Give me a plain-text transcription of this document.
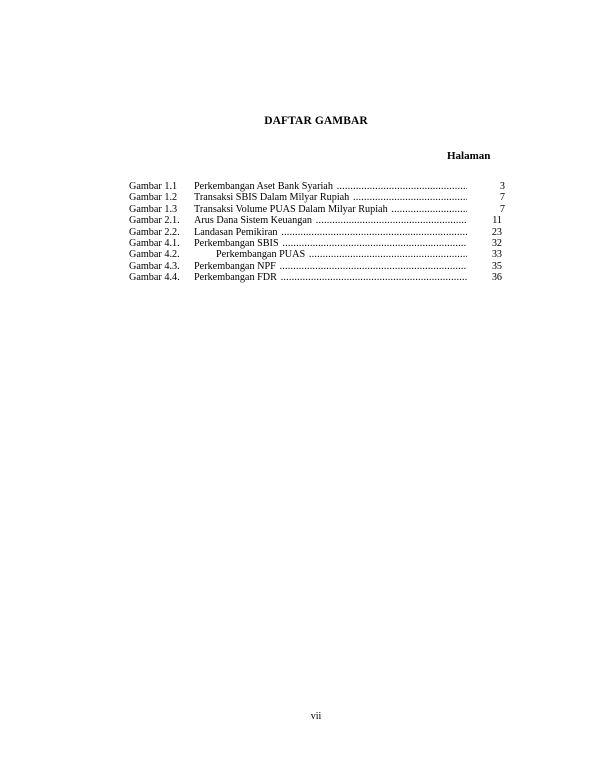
DAFTAR GAMBAR
Halaman
Gambar 1.1 Perkembangan Aset Bank Syariah .....	3
Gambar 1.2 Transaksi SBIS Dalam Milyar Rupiah .....	7
Gambar 1.3 Transaksi Volume PUAS Dalam Milyar Rupiah .....	7
Gambar 2.1. Arus Dana Sistem Keuangan .....	11
Gambar 2.2. Landasan Pemikiran .....	23
Gambar 4.1. Perkembangan SBIS .....	32
Gambar 4.2.	Perkembangan PUAS .....	33
Gambar 4.3. Perkembangan NPF .....	35
Gambar 4.4. Perkembangan FDR .....	36
vii
